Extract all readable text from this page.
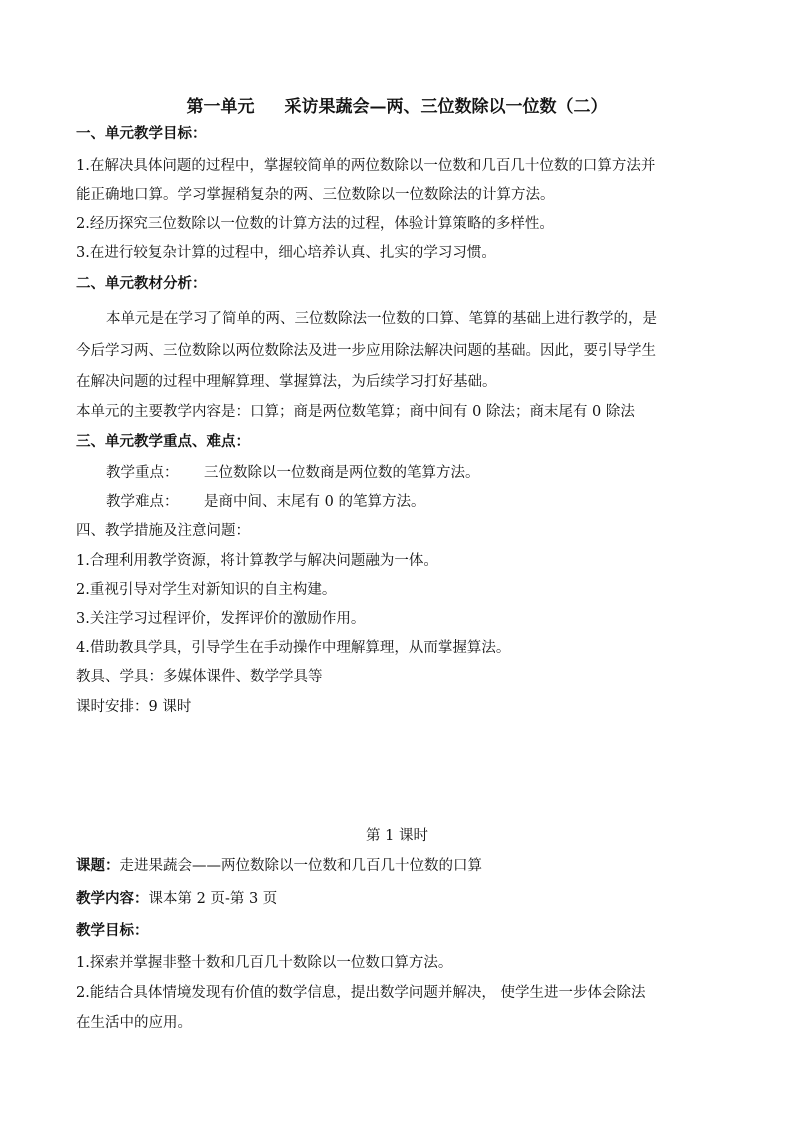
第一单元 采访果蔬会—两、三位数除以一位数（二）
一、单元教学目标：
1.在解决具体问题的过程中，掌握较简单的两位数除以一位数和几百几十位数的口算方法并
能正确地口算。学习掌握稍复杂的两、三位数除以一位数除法的计算方法。
2.经历探究三位数除以一位数的计算方法的过程，体验计算策略的多样性。
3.在进行较复杂计算的过程中，细心培养认真、扎实的学习习惯。
二、单元教材分析：
本单元是在学习了简单的两、三位数除法一位数的口算、笔算的基础上进行教学的，是
今后学习两、三位数除以两位数除法及进一步应用除法解决问题的基础。因此，要引导学生
在解决问题的过程中理解算理、掌握算法，为后续学习打好基础。
本单元的主要教学内容是：口算；商是两位数笔算；商中间有 0 除法；商末尾有 0 除法
三、单元教学重点、难点：
教学重点： 三位数除以一位数商是两位数的笔算方法。
教学难点： 是商中间、末尾有 0 的笔算方法。
四、教学措施及注意问题：
1.合理利用教学资源，将计算教学与解决问题融为一体。
2.重视引导对学生对新知识的自主构建。
3.关注学习过程评价，发挥评价的激励作用。
4.借助教具学具，引导学生在手动操作中理解算理，从而掌握算法。
教具、学具：多媒体课件、数学学具等
课时安排：9 课时
第 1 课时
课题：走进果蔬会——两位数除以一位数和几百几十位数的口算
教学内容：课本第 2 页-第 3 页
教学目标：
1.探索并掌握非整十数和几百几十数除以一位数口算方法。
2.能结合具体情境发现有价值的数学信息，提出数学问题并解决， 使学生进一步体会除法
在生活中的应用。
